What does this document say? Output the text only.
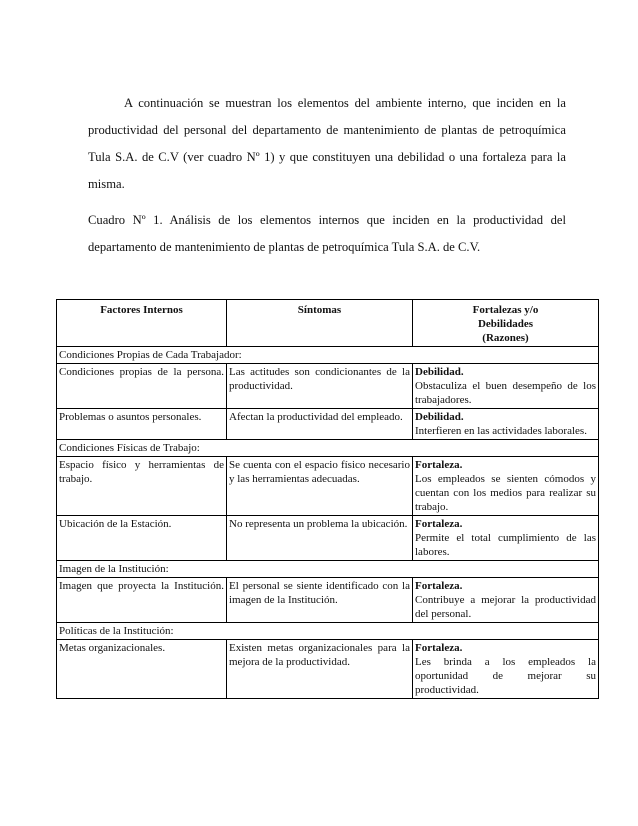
A continuación se muestran los elementos del ambiente interno, que inciden en la productividad del personal del departamento de mantenimiento de plantas de petroquímica Tula S.A. de C.V (ver cuadro Nº 1) y que constituyen una debilidad o una fortaleza para la misma.

Cuadro Nº 1. Análisis de los elementos internos que inciden en la productividad del departamento de mantenimiento de plantas de petroquímica Tula S.A. de C.V.

Factores Internos	Síntomas	Fortalezas y/o
Debilidades
(Razones)
Condiciones Propias de Cada Trabajador:		
Condiciones propias de la persona.	Las actitudes son condicionantes de la productividad.	Debilidad.
Obstaculiza el buen desempeño de los trabajadores.
Problemas o asuntos personales.	Afectan la productividad del empleado.	Debilidad.
Interfieren en las actividades laborales.
Condiciones Físicas de Trabajo:		
Espacio físico y herramientas de trabajo.	Se cuenta con el espacio físico necesario y las herramientas adecuadas.	Fortaleza.
Los empleados se sienten cómodos y cuentan con los medios para realizar su trabajo.
Ubicación de la Estación.	No representa un problema la ubicación.	Fortaleza.
Permite el total cumplimiento de las labores.
Imagen de la Institución:		
Imagen que proyecta la Institución.	El personal se siente identificado con la imagen de la Institución.	Fortaleza.
Contribuye a mejorar la productividad del personal.
Políticas de la Institución:		
Metas organizacionales.	Existen metas organizacionales para la mejora de la productividad.	Fortaleza.
Les brinda a los empleados la oportunidad de mejorar su productividad.
